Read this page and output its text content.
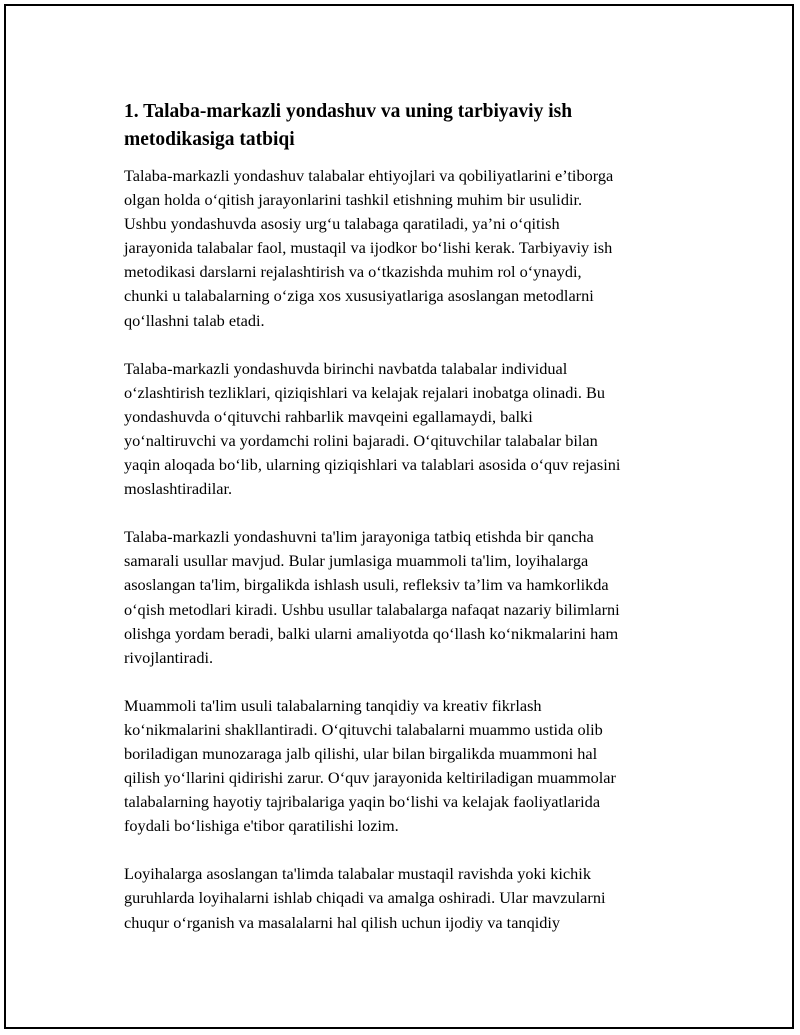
1. Talaba-markazli yondashuv va uning tarbiyaviy ish
metodikasiga tatbiqi

Talaba-markazli yondashuv talabalar ehtiyojlari va qobiliyatlarini e’tiborga
olgan holda o‘qitish jarayonlarini tashkil etishning muhim bir usulidir.
Ushbu yondashuvda asosiy urg‘u talabaga qaratiladi, ya’ni o‘qitish
jarayonida talabalar faol, mustaqil va ijodkor bo‘lishi kerak. Tarbiyaviy ish
metodikasi darslarni rejalashtirish va o‘tkazishda muhim rol o‘ynaydi,
chunki u talabalarning o‘ziga xos xususiyatlariga asoslangan metodlarni
qo‘llashni talab etadi.

Talaba-markazli yondashuvda birinchi navbatda talabalar individual
o‘zlashtirish tezliklari, qiziqishlari va kelajak rejalari inobatga olinadi. Bu
yondashuvda o‘qituvchi rahbarlik mavqeini egallamaydi, balki
yo‘naltiruvchi va yordamchi rolini bajaradi. O‘qituvchilar talabalar bilan
yaqin aloqada bo‘lib, ularning qiziqishlari va talablari asosida o‘quv rejasini
moslashtiradilar.

Talaba-markazli yondashuvni ta'lim jarayoniga tatbiq etishda bir qancha
samarali usullar mavjud. Bular jumlasiga muammoli ta'lim, loyihalarga
asoslangan ta'lim, birgalikda ishlash usuli, refleksiv ta’lim va hamkorlikda
o‘qish metodlari kiradi. Ushbu usullar talabalarga nafaqat nazariy bilimlarni
olishga yordam beradi, balki ularni amaliyotda qo‘llash ko‘nikmalarini ham
rivojlantiradi.

Muammoli ta'lim usuli talabalarning tanqidiy va kreativ fikrlash
ko‘nikmalarini shakllantiradi. O‘qituvchi talabalarni muammo ustida olib
boriladigan munozaraga jalb qilishi, ular bilan birgalikda muammoni hal
qilish yo‘llarini qidirishi zarur. O‘quv jarayonida keltiriladigan muammolar
talabalarning hayotiy tajribalariga yaqin bo‘lishi va kelajak faoliyatlarida
foydali bo‘lishiga e'tibor qaratilishi lozim.

Loyihalarga asoslangan ta'limda talabalar mustaqil ravishda yoki kichik
guruhlarda loyihalarni ishlab chiqadi va amalga oshiradi. Ular mavzularni
chuqur o‘rganish va masalalarni hal qilish uchun ijodiy va tanqidiy
